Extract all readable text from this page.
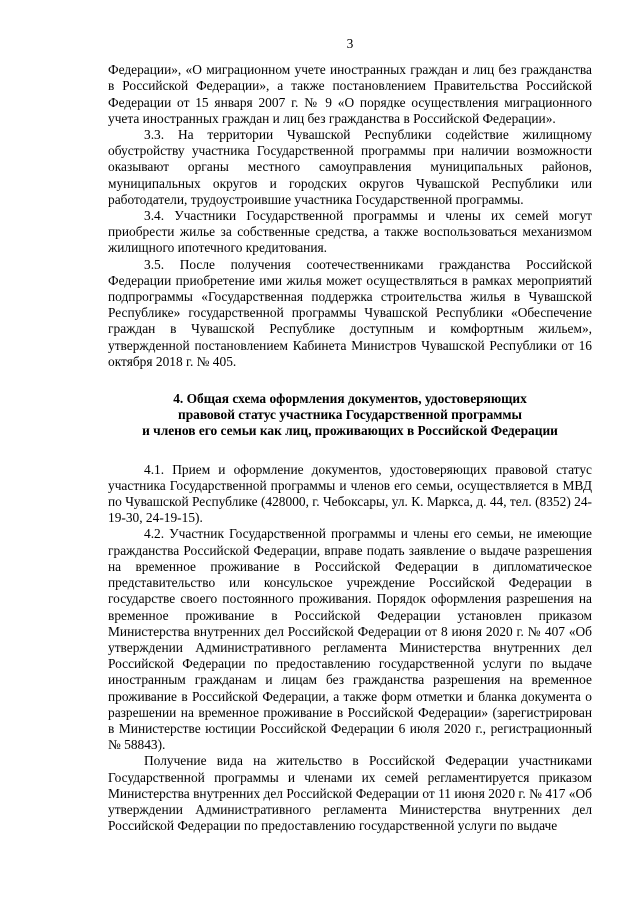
3

Федерации», «О миграционном учете иностранных граждан и лиц без гражданства в Российской Федерации», а также постановлением Правительства Российской Федерации от 15 января 2007 г. № 9 «О порядке осуществления миграционного учета иностранных граждан и лиц без гражданства в Российской Федерации».

3.3. На территории Чувашской Республики содействие жилищному обустройству участника Государственной программы при наличии возможности оказывают органы местного самоуправления муниципальных районов, муниципальных округов и городских округов Чувашской Республики или работодатели, трудоустроившие участника Государственной программы.

3.4. Участники Государственной программы и члены их семей могут приобрести жилье за собственные средства, а также воспользоваться механизмом жилищного ипотечного кредитования.

3.5. После получения соотечественниками гражданства Российской Федерации приобретение ими жилья может осуществляться в рамках мероприятий подпрограммы «Государственная поддержка строительства жилья в Чувашской Республике» государственной программы Чувашской Республики «Обеспечение граждан в Чувашской Республике доступным и комфортным жильем», утвержденной постановлением Кабинета Министров Чувашской Республики от 16 октября 2018 г. № 405.

4. Общая схема оформления документов, удостоверяющих
правовой статус участника Государственной программы
и членов его семьи как лиц, проживающих в Российской Федерации

4.1. Прием и оформление документов, удостоверяющих правовой статус участника Государственной программы и членов его семьи, осуществляется в МВД по Чувашской Республике (428000, г. Чебоксары, ул. К. Маркса, д. 44, тел. (8352) 24-19-30, 24-19-15).

4.2. Участник Государственной программы и члены его семьи, не имеющие гражданства Российской Федерации, вправе подать заявление о выдаче разрешения на временное проживание в Российской Федерации в дипломатическое представительство или консульское учреждение Российской Федерации в государстве своего постоянного проживания. Порядок оформления разрешения на временное проживание в Российской Федерации установлен приказом Министерства внутренних дел Российской Федерации от 8 июня 2020 г. № 407 «Об утверждении Административного регламента Министерства внутренних дел Российской Федерации по предоставлению государственной услуги по выдаче иностранным гражданам и лицам без гражданства разрешения на временное проживание в Российской Федерации, а также форм отметки и бланка документа о разрешении на временное проживание в Российской Федерации» (зарегистрирован в Министерстве юстиции Российской Федерации 6 июля 2020 г., регистрационный № 58843).

Получение вида на жительство в Российской Федерации участниками Государственной программы и членами их семей регламентируется приказом Министерства внутренних дел Российской Федерации от 11 июня 2020 г. № 417 «Об утверждении Административного регламента Министерства внутренних дел Российской Федерации по предоставлению государственной услуги по выдаче
